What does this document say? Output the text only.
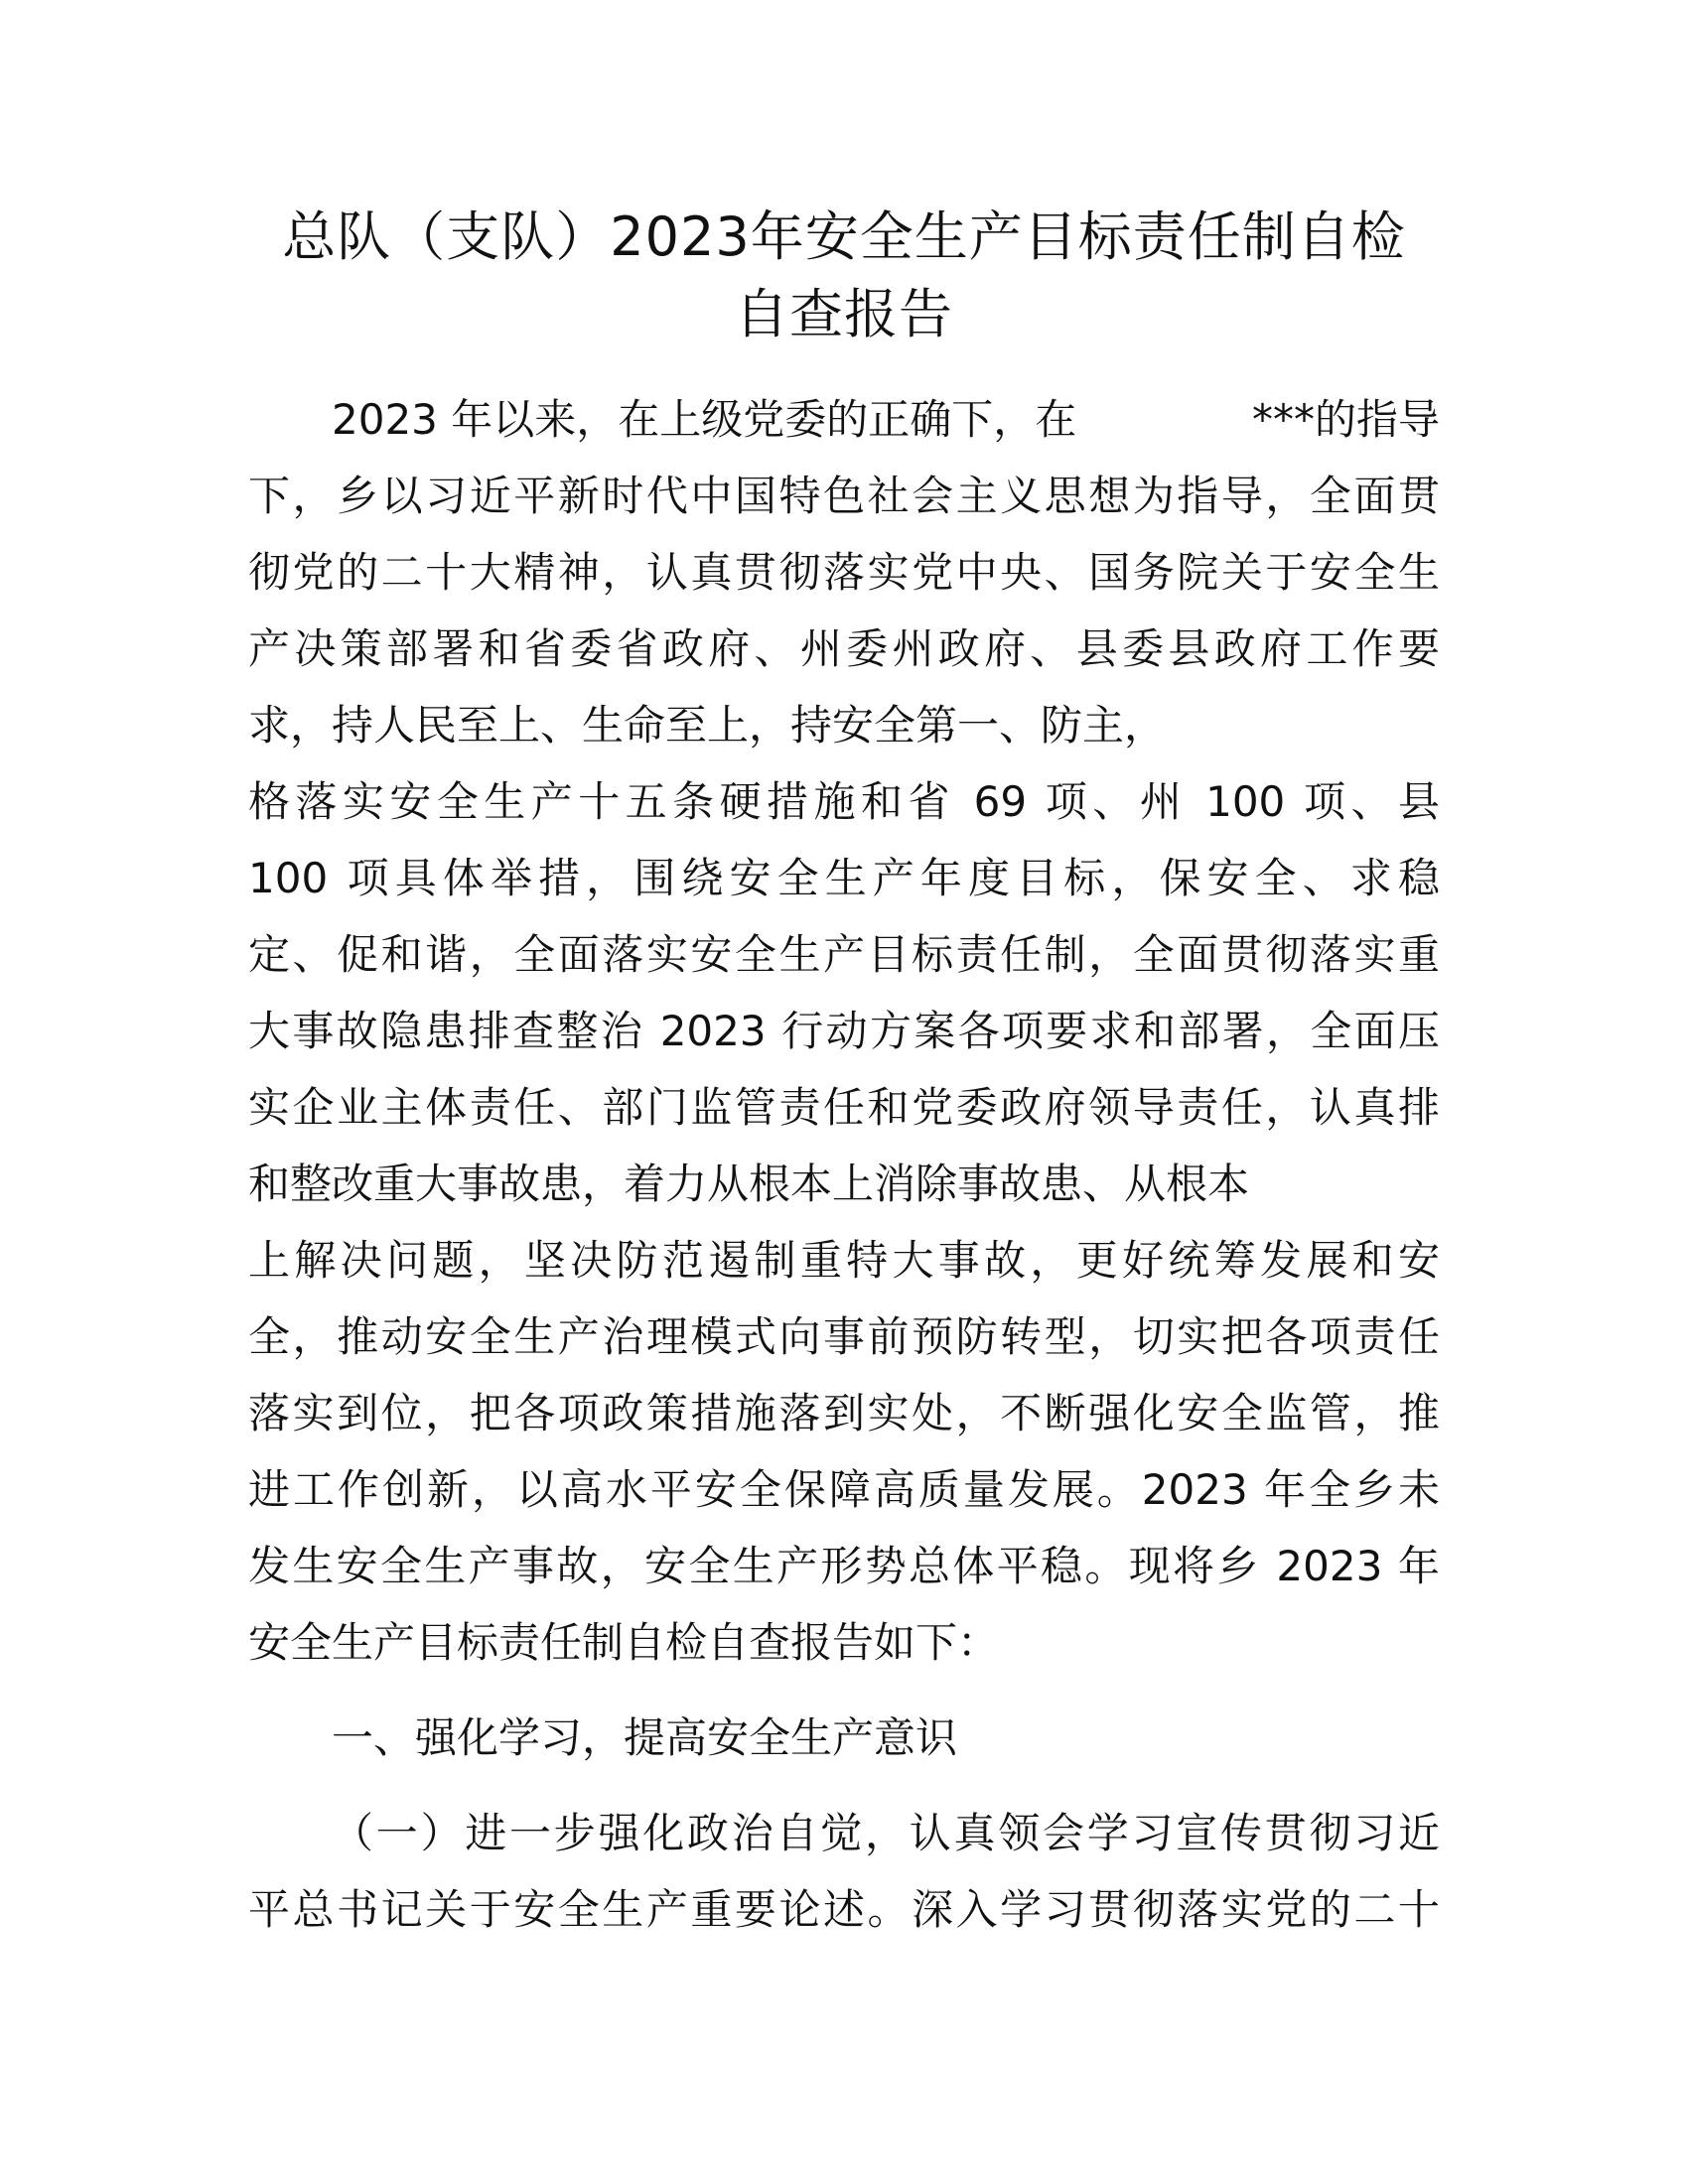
总队（支队）2023年安全生产目标责任制自检
自查报告
2023 年以来，在上级党委的正确下，在	***的指导
下，乡以习近平新时代中国特色社会主义思想为指导，全面贯
彻党的二十大精神，认真贯彻落实党中央、国务院关于安全生
产决策部署和省委省政府、州委州政府、县委县政府工作要
求，持人民至上、生命至上，持安全第一、防主，
格落实安全生产十五条硬措施和省 69 项、州 100 项、县
100 项具体举措，围绕安全生产年度目标，保安全、求稳
定、促和谐，全面落实安全生产目标责任制，全面贯彻落实重
大事故隐患排查整治 2023 行动方案各项要求和部署，全面压
实企业主体责任、部门监管责任和党委政府领导责任，认真排
和整改重大事故患，着力从根本上消除事故患、从根本
上解决问题，坚决防范遏制重特大事故，更好统筹发展和安
全，推动安全生产治理模式向事前预防转型，切实把各项责任
落实到位，把各项政策措施落到实处，不断强化安全监管，推
进工作创新，以高水平安全保障高质量发展。2023 年全乡未
发生安全生产事故，安全生产形势总体平稳。现将乡 2023 年
安全生产目标责任制自检自查报告如下：
一、强化学习，提高安全生产意识
（一）进一步强化政治自觉，认真领会学习宣传贯彻习近
平总书记关于安全生产重要论述。深入学习贯彻落实党的二十
